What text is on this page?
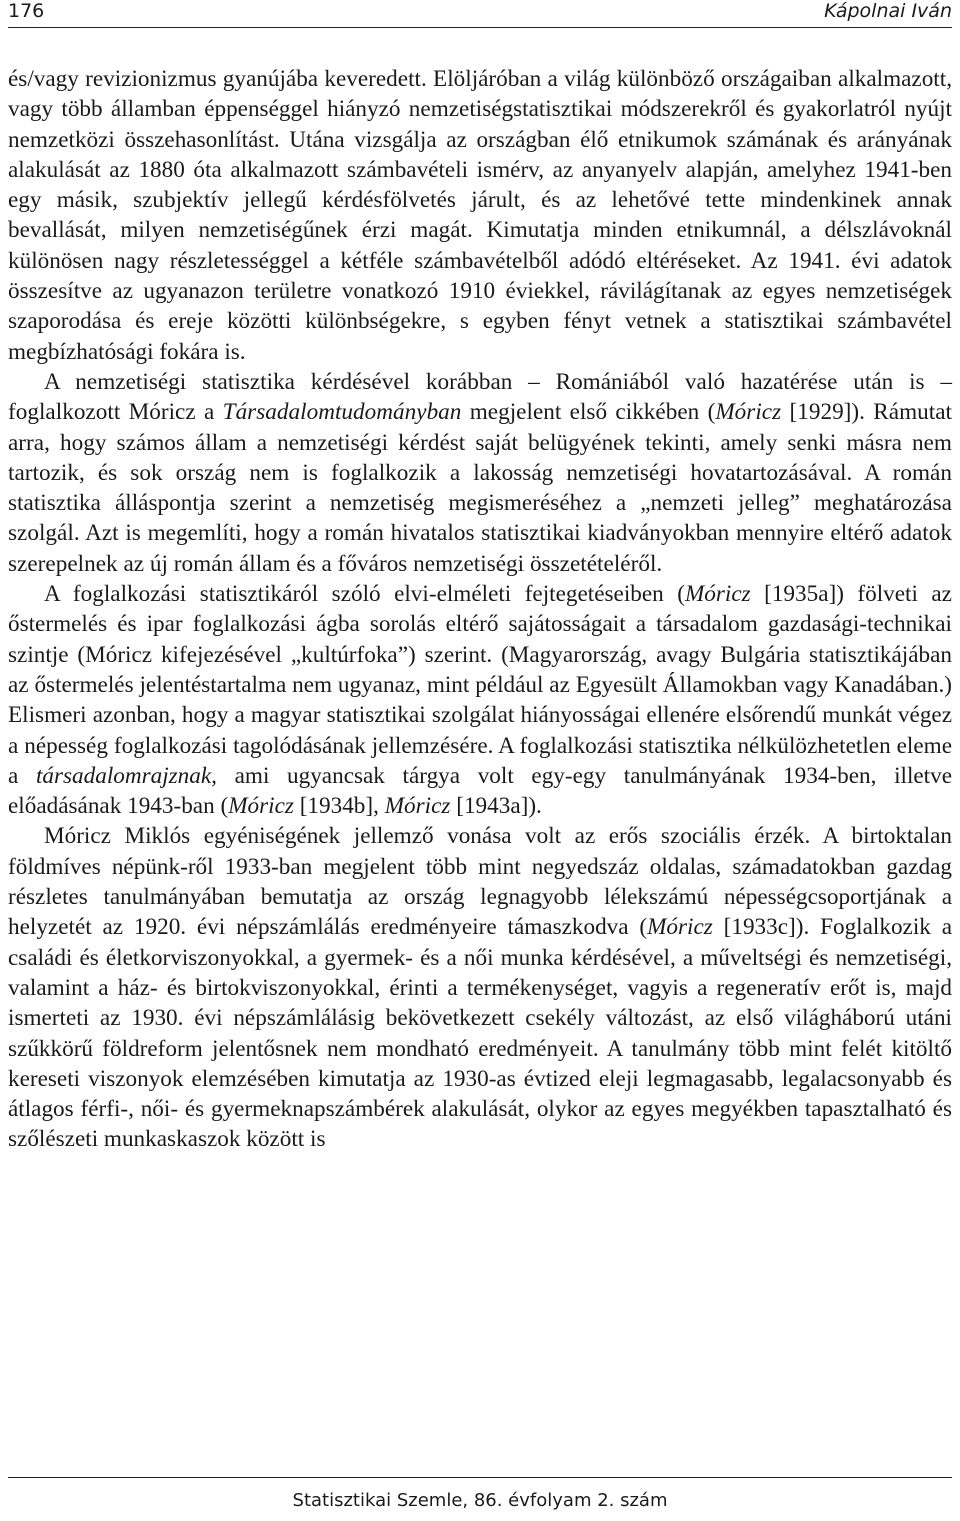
176	Kápolnai Iván

és/vagy revizionizmus gyanújába keveredett. Elöljáróban a világ különböző országaiban alkalmazott, vagy több államban éppenséggel hiányzó nemzetiségstatisztikai módszerekről és gyakorlatról nyújt nemzetközi összehasonlítást. Utána vizsgálja az országban élő etnikumok számának és arányának alakulását az 1880 óta alkalmazott számbavételi ismérv, az anyanyelv alapján, amelyhez 1941-ben egy másik, szubjektív jellegű kérdésfölvetés járult, és az lehetővé tette mindenkinek annak bevallását, milyen nemzetiségűnek érzi magát. Kimutatja minden etnikumnál, a délszlávoknál különösen nagy részletességgel a kétféle számbavételből adódó eltéréseket. Az 1941. évi adatok összesítve az ugyanazon területre vonatkozó 1910 éviekkel, rávilágítanak az egyes nemzetiségek szaporodása és ereje közötti különbségekre, s egyben fényt vetnek a statisztikai számbavétel megbízhatósági fokára is.

A nemzetiségi statisztika kérdésével korábban – Romániából való hazatérése után is – foglalkozott Móricz a Társadalomtudományban megjelent első cikkében (Móricz [1929]). Rámutat arra, hogy számos állam a nemzetiségi kérdést saját belügyének tekinti, amely senki másra nem tartozik, és sok ország nem is foglalkozik a lakosság nemzetiségi hovatartozásával. A román statisztika álláspontja szerint a nemzetiség megismeréséhez a „nemzeti jelleg” meghatározása szolgál. Azt is megemlíti, hogy a román hivatalos statisztikai kiadványokban mennyire eltérő adatok szerepelnek az új román állam és a főváros nemzetiségi összetételéről.

A foglalkozási statisztikáról szóló elvi-elméleti fejtegetéseiben (Móricz [1935a]) fölveti az őstermelés és ipar foglalkozási ágba sorolás eltérő sajátosságait a társadalom gazdasági-technikai szintje (Móricz kifejezésével „kultúrfoka”) szerint. (Magyarország, avagy Bulgária statisztikájában az őstermelés jelentéstartalma nem ugyanaz, mint például az Egyesült Államokban vagy Kanadában.) Elismeri azonban, hogy a magyar statisztikai szolgálat hiányosságai ellenére elsőrendű munkát végez a népesség foglalkozási tagolódásának jellemzésére. A foglalkozási statisztika nélkülözhetetlen eleme a társadalomrajznak, ami ugyancsak tárgya volt egy-egy tanulmányának 1934-ben, illetve előadásának 1943-ban (Móricz [1934b], Móricz [1943a]).

Móricz Miklós egyéniségének jellemző vonása volt az erős szociális érzék. A birtoktalan földmíves népünk-ről 1933-ban megjelent több mint negyedszáz oldalas, számadatokban gazdag részletes tanulmányában bemutatja az ország legnagyobb lélekszámú népességcsoportjának a helyzetét az 1920. évi népszámlálás eredményeire támaszkodva (Móricz [1933c]). Foglalkozik a családi és életkorviszonyokkal, a gyermek- és a női munka kérdésével, a műveltségi és nemzetiségi, valamint a ház- és birtokviszonyokkal, érinti a termékenységet, vagyis a regeneratív erőt is, majd ismerteti az 1930. évi népszámlálásig bekövetkezett csekély változást, az első világháború utáni szűkkörű földreform jelentősnek nem mondható eredményeit. A tanulmány több mint felét kitöltő kereseti viszonyok elemzésében kimutatja az 1930-as évtized eleji legmagasabb, legalacsonyabb és átlagos férfi-, női- és gyermeknapszámbérek alakulását, olykor az egyes megyékben tapasztalható és szőlészeti munkaskaszok között is

Statisztikai Szemle, 86. évfolyam 2. szám
